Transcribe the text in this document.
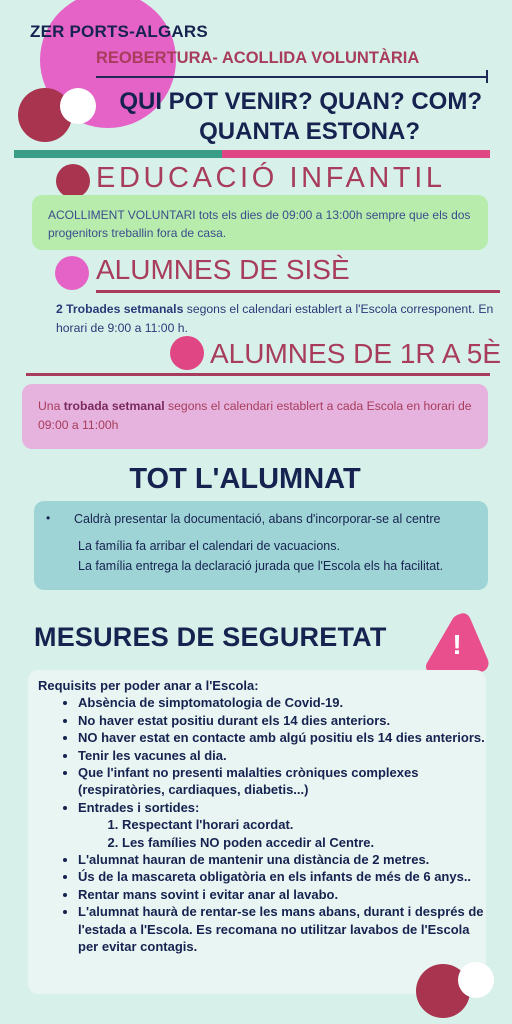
ZER PORTS-ALGARS
REOBERTURA- ACOLLIDA VOLUNTÀRIA
QUI POT VENIR? QUAN? COM?
QUANTA ESTONA?
EDUCACIÓ INFANTIL
ACOLLIMENT VOLUNTARI tots els dies de 09:00 a 13:00h sempre que els dos progenitors treballin fora de casa.
ALUMNES DE SISÈ
2 Trobades setmanals segons el calendari establert a l'Escola corresponent. En horari de 9:00 a 11:00 h.
ALUMNES DE 1R A 5È
Una trobada setmanal segons el calendari establert a cada Escola en horari de 09:00 a 11:00h
TOT L'ALUMNAT
• Caldrà presentar la documentació, abans d'incorporar-se al centre
La família fa arribar el calendari de vacuacions.
La família entrega la declaració jurada que l'Escola els ha facilitat.
MESURES DE SEGURETAT !
Requisits per poder anar a l'Escola:
• Absència de simptomatologia de Covid-19.
• No haver estat positiu durant els 14 dies anteriors.
• NO haver estat en contacte amb algú positiu els 14 dies anteriors.
• Tenir les vacunes al dia.
• Que l'infant no presenti malalties cròniques complexes (respiratòries, cardiaques, diabetis...)
• Entrades i sortides:
1. Respectant l'horari acordat.
2. Les famílies NO poden accedir al Centre.
• L'alumnat hauran de mantenir una distància de 2 metres.
• Ús de la mascareta obligatòria en els infants de més de 6 anys..
• Rentar mans sovint i evitar anar al lavabo.
• L'alumnat haurà de rentar-se les mans abans, durant i després de l'estada a l'Escola. Es recomana no utilitzar lavabos de l'Escola per evitar contagis.
